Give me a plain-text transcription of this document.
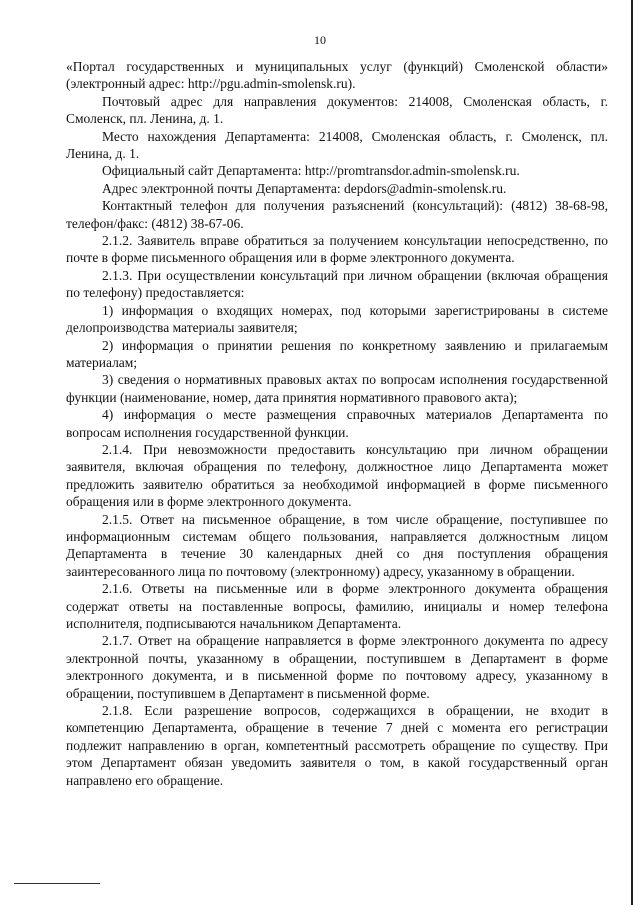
10

«Портал государственных и муниципальных услуг (функций) Смоленской области» (электронный адрес: http://pgu.admin-smolensk.ru).

Почтовый адрес для направления документов: 214008, Смоленская область, г. Смоленск, пл. Ленина, д. 1.

Место нахождения Департамента: 214008, Смоленская область, г. Смоленск, пл. Ленина, д. 1.

Официальный сайт Департамента: http://promtransdor.admin-smolensk.ru.

Адрес электронной почты Департамента: depdors@admin-smolensk.ru.

Контактный телефон для получения разъяснений (консультаций): (4812) 38-68-98, телефон/факс: (4812) 38-67-06.

2.1.2. Заявитель вправе обратиться за получением консультации непосредственно, по почте в форме письменного обращения или в форме электронного документа.

2.1.3. При осуществлении консультаций при личном обращении (включая обращения по телефону) предоставляется:

1) информация о входящих номерах, под которыми зарегистрированы в системе делопроизводства материалы заявителя;

2) информация о принятии решения по конкретному заявлению и прилагаемым материалам;

3) сведения о нормативных правовых актах по вопросам исполнения государственной функции (наименование, номер, дата принятия нормативного правового акта);

4) информация о месте размещения справочных материалов Департамента по вопросам исполнения государственной функции.

2.1.4. При невозможности предоставить консультацию при личном обращении заявителя, включая обращения по телефону, должностное лицо Департамента может предложить заявителю обратиться за необходимой информацией в форме письменного обращения или в форме электронного документа.

2.1.5. Ответ на письменное обращение, в том числе обращение, поступившее по информационным системам общего пользования, направляется должностным лицом Департамента в течение 30 календарных дней со дня поступления обращения заинтересованного лица по почтовому (электронному) адресу, указанному в обращении.

2.1.6. Ответы на письменные или в форме электронного документа обращения содержат ответы на поставленные вопросы, фамилию, инициалы и номер телефона исполнителя, подписываются начальником Департамента.

2.1.7. Ответ на обращение направляется в форме электронного документа по адресу электронной почты, указанному в обращении, поступившем в Департамент в форме электронного документа, и в письменной форме по почтовому адресу, указанному в обращении, поступившем в Департамент в письменной форме.

2.1.8. Если разрешение вопросов, содержащихся в обращении, не входит в компетенцию Департамента, обращение в течение 7 дней с момента его регистрации подлежит направлению в орган, компетентный рассмотреть обращение по существу. При этом Департамент обязан уведомить заявителя о том, в какой государственный орган направлено его обращение.
